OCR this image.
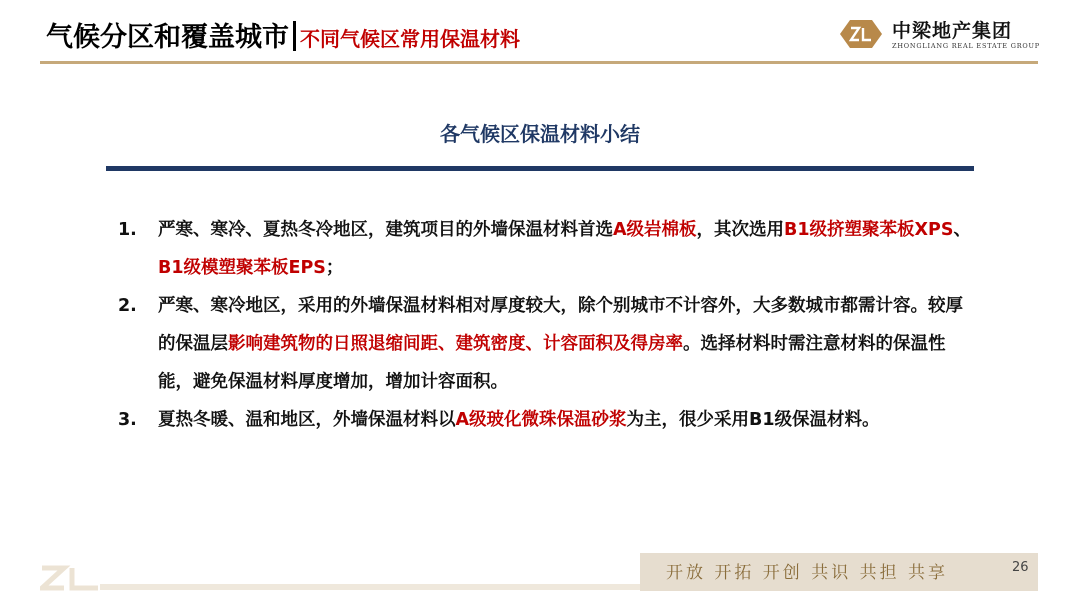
气候分区和覆盖城市 不同气候区常用保温材料	中梁地产集团
ZHONGLIANG REAL ESTATE GROUP
各气候区保温材料小结
1. 严寒、寒冷、夏热冬冷地区，建筑项目的外墙保温材料首选A级岩棉板，其次选用B1级挤塑聚苯板XPS、B1级模塑聚苯板EPS；
2. 严寒、寒冷地区，采用的外墙保温材料相对厚度较大，除个别城市不计容外，大多数城市都需计容。较厚的保温层影响建筑物的日照退缩间距、建筑密度、计容面积及得房率。选择材料时需注意材料的保温性能，避免保温材料厚度增加，增加计容面积。
3. 夏热冬暖、温和地区，外墙保温材料以A级玻化微珠保温砂浆为主，很少采用B1级保温材料。
开放 开拓 开创 共识 共担 共享	26
